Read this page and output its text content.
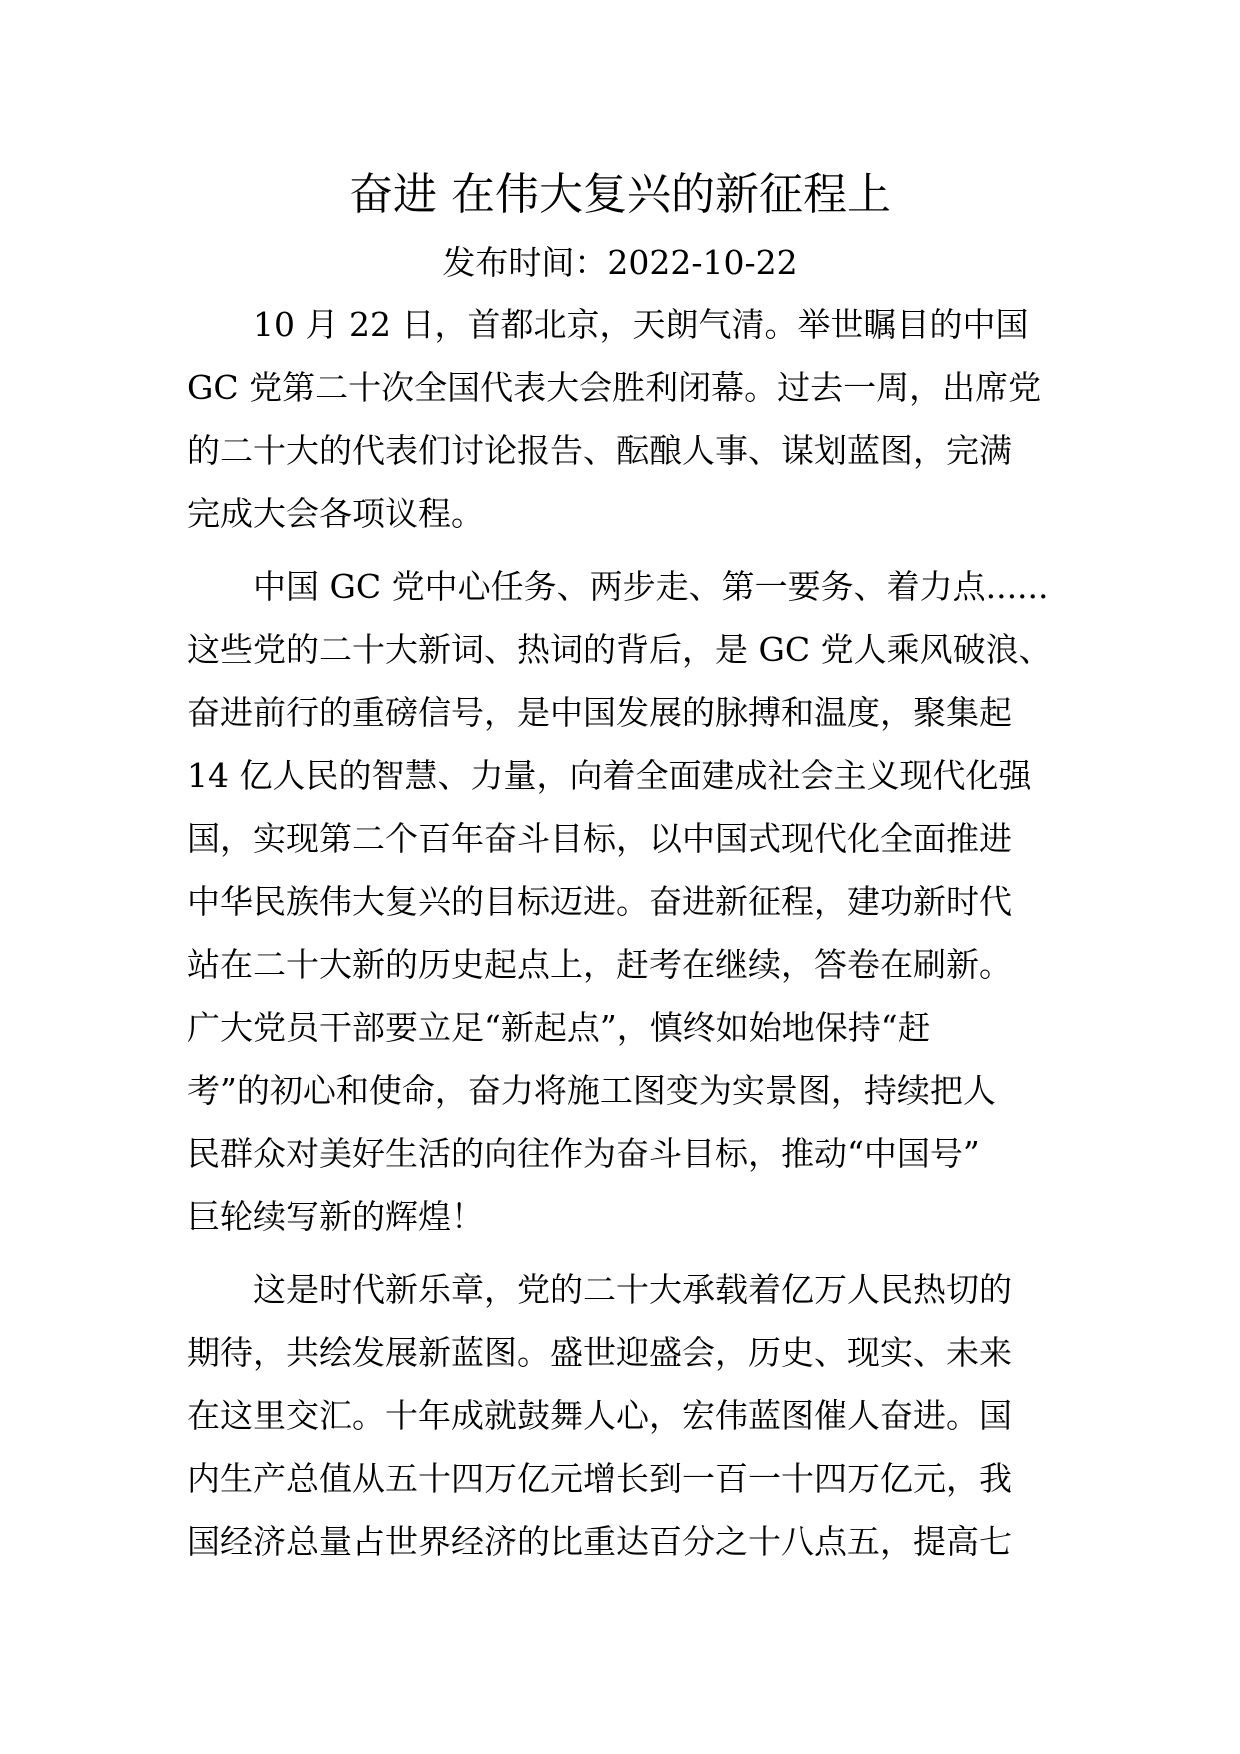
奋进 在伟大复兴的新征程上
发布时间：2022-10-22
10 月 22 日，首都北京，天朗气清。举世瞩目的中国
GC 党第二十次全国代表大会胜利闭幕。过去一周，出席党
的二十大的代表们讨论报告、酝酿人事、谋划蓝图，完满
完成大会各项议程。
中国 GC 党中心任务、两步走、第一要务、着力点......
这些党的二十大新词、热词的背后，是 GC 党人乘风破浪、
奋进前行的重磅信号，是中国发展的脉搏和温度，聚集起
14 亿人民的智慧、力量，向着全面建成社会主义现代化强
国，实现第二个百年奋斗目标，以中国式现代化全面推进
中华民族伟大复兴的目标迈进。奋进新征程，建功新时代
站在二十大新的历史起点上，赶考在继续，答卷在刷新。
广大党员干部要立足“新起点”，慎终如始地保持“赶
考”的初心和使命，奋力将施工图变为实景图，持续把人
民群众对美好生活的向往作为奋斗目标，推动“中国号”
巨轮续写新的辉煌！
这是时代新乐章，党的二十大承载着亿万人民热切的
期待，共绘发展新蓝图。盛世迎盛会，历史、现实、未来
在这里交汇。十年成就鼓舞人心，宏伟蓝图催人奋进。国
内生产总值从五十四万亿元增长到一百一十四万亿元，我
国经济总量占世界经济的比重达百分之十八点五，提高七
